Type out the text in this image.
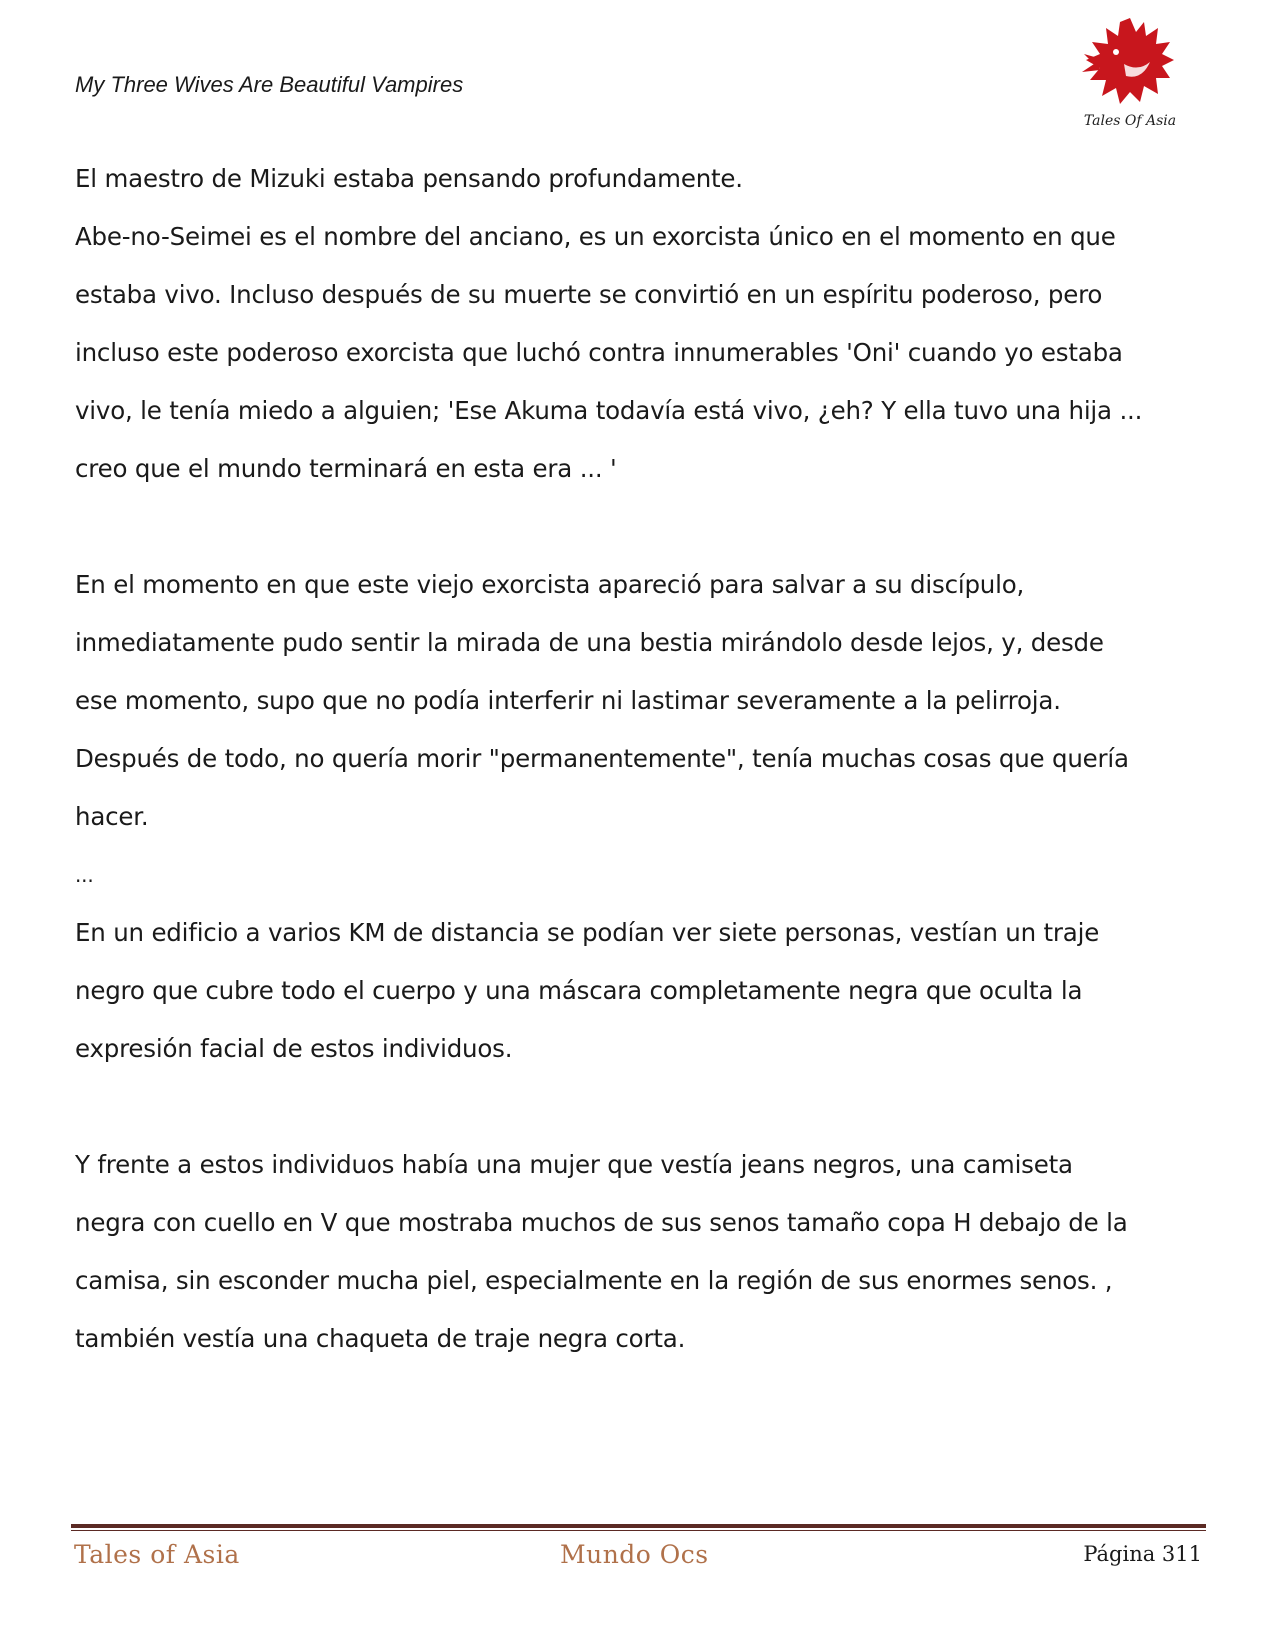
My Three Wives Are Beautiful Vampires
Tales Of Asia
El maestro de Mizuki estaba pensando profundamente.
Abe-no-Seimei es el nombre del anciano, es un exorcista único en el momento en que
estaba vivo. Incluso después de su muerte se convirtió en un espíritu poderoso, pero
incluso este poderoso exorcista que luchó contra innumerables 'Oni' cuando yo estaba
vivo, le tenía miedo a alguien; 'Ese Akuma todavía está vivo, ¿eh? Y ella tuvo una hija ...
creo que el mundo terminará en esta era ... '
En el momento en que este viejo exorcista apareció para salvar a su discípulo,
inmediatamente pudo sentir la mirada de una bestia mirándolo desde lejos, y, desde
ese momento, supo que no podía interferir ni lastimar severamente a la pelirroja.
Después de todo, no quería morir "permanentemente", tenía muchas cosas que quería
hacer.
...
En un edificio a varios KM de distancia se podían ver siete personas, vestían un traje
negro que cubre todo el cuerpo y una máscara completamente negra que oculta la
expresión facial de estos individuos.
Y frente a estos individuos había una mujer que vestía jeans negros, una camiseta
negra con cuello en V que mostraba muchos de sus senos tamaño copa H debajo de la
camisa, sin esconder mucha piel, especialmente en la región de sus enormes senos. ,
también vestía una chaqueta de traje negra corta.
Tales of Asia	Mundo Ocs	Página 311
